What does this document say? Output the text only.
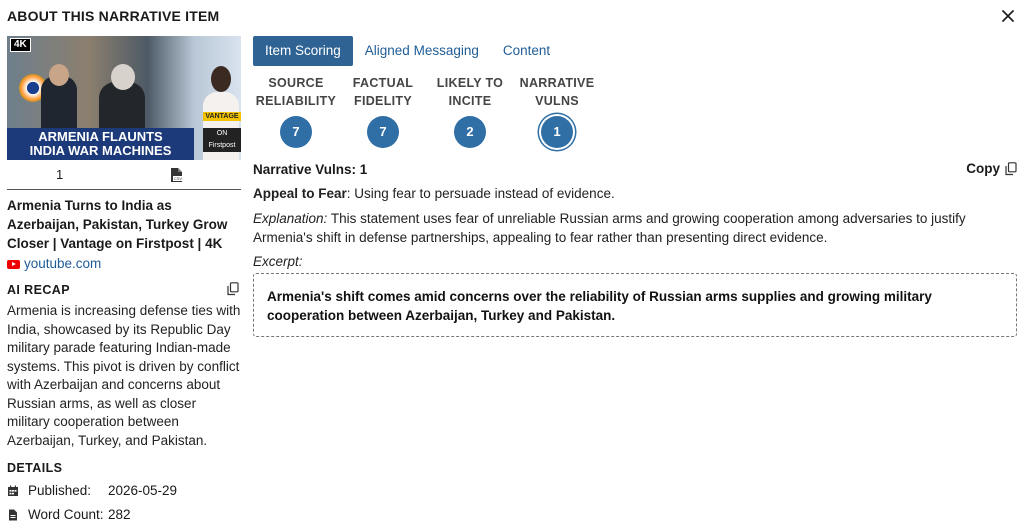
ABOUT THIS NARRATIVE ITEM
4K
VANTAGE
ON Firstpost
ARMENIA FLAUNTS
INDIA WAR MACHINES
1	CSV
Armenia Turns to India as Azerbaijan, Pakistan, Turkey Grow Closer | Vantage on Firstpost | 4K
youtube.com
AI RECAP
Armenia is increasing defense ties with India, showcased by its Republic Day military parade featuring Indian-made systems. This pivot is driven by conflict with Azerbaijan and concerns about Russian arms, as well as closer military cooperation between Azerbaijan, Turkey, and Pakistan.
DETAILS
Published:	2026-05-29
Word Count: 282
Item Scoring	Aligned Messaging	Content
SOURCE
RELIABILITY
7
FACTUAL
FIDELITY
7
LIKELY TO
INCITE
2
NARRATIVE
VULNS
1
Narrative Vulns: 1	Copy
Appeal to Fear: Using fear to persuade instead of evidence.
Explanation: This statement uses fear of unreliable Russian arms and growing cooperation among adversaries to justify Armenia's shift in defense partnerships, appealing to fear rather than presenting direct evidence.
Excerpt:
Armenia's shift comes amid concerns over the reliability of Russian arms supplies and growing military cooperation between Azerbaijan, Turkey and Pakistan.
